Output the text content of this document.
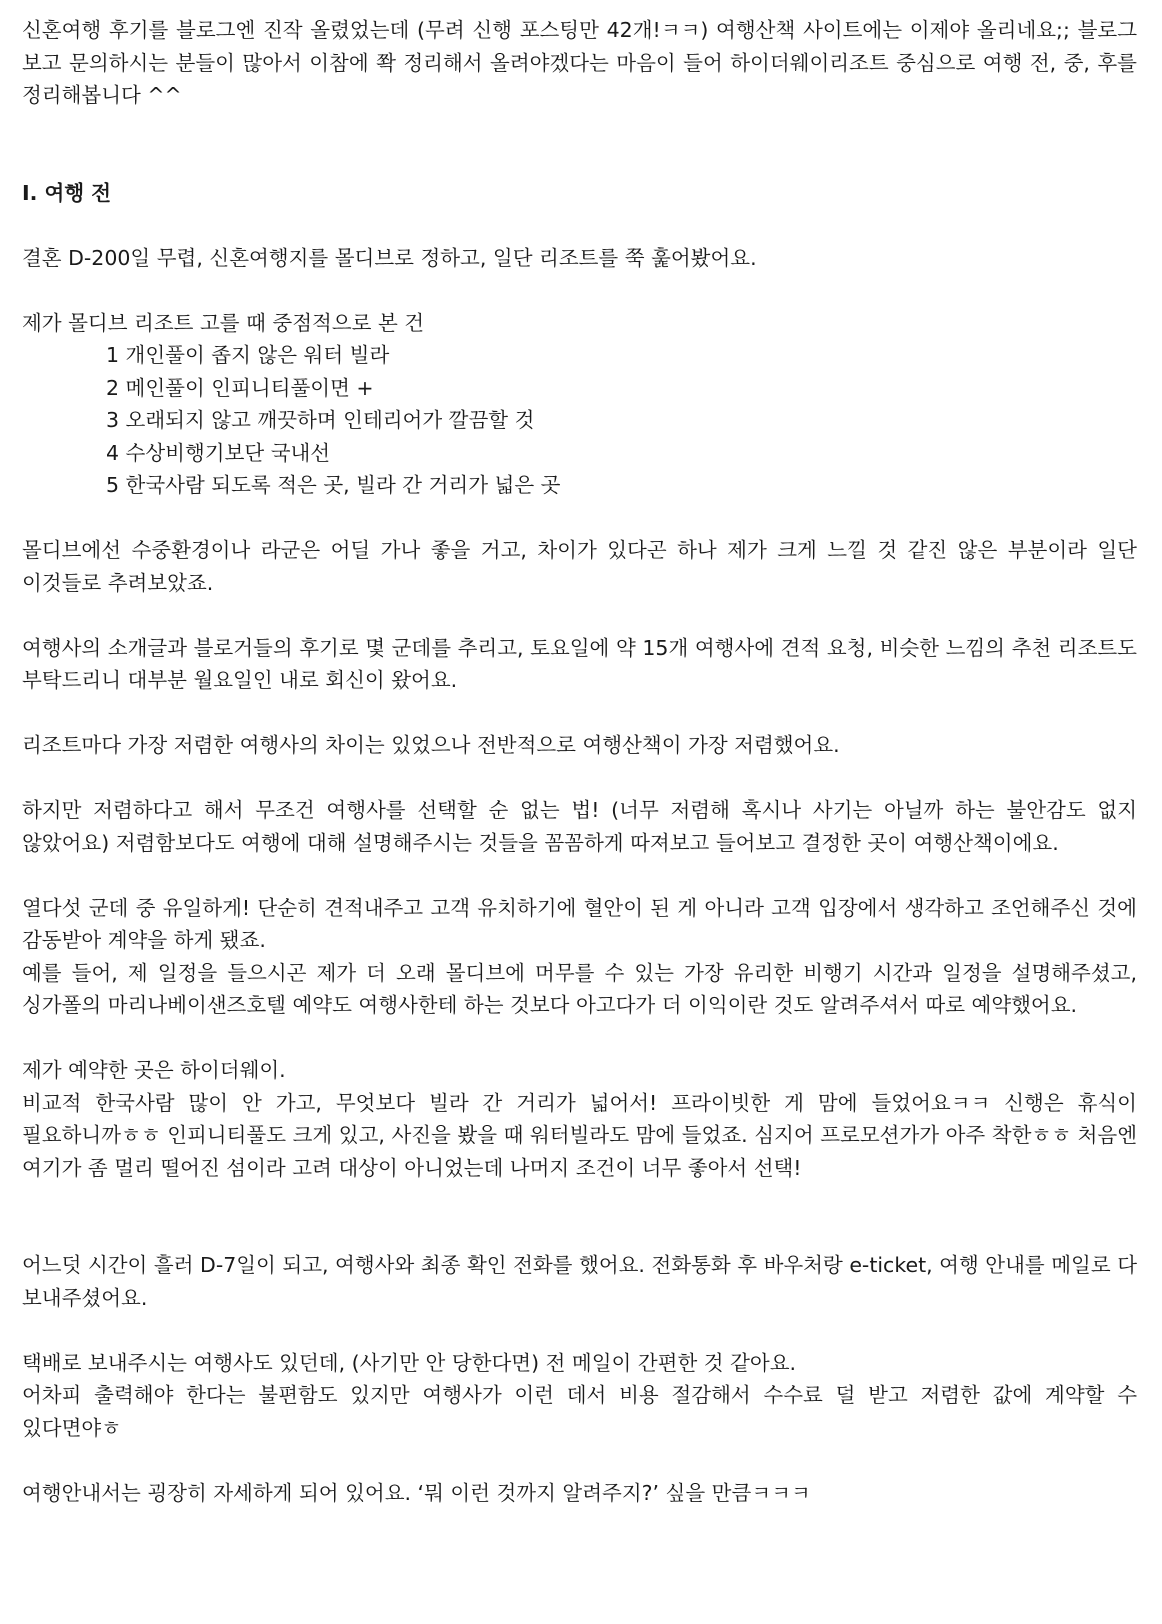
신혼여행 후기를 블로그엔 진작 올렸었는데 (무려 신행 포스팅만 42개!ㅋㅋ) 여행산책 사이트에는 이제야 올리네요;; 블로그 보고 문의하시는 분들이 많아서 이참에 쫙 정리해서 올려야겠다는 마음이 들어 하이더웨이리조트 중심으로 여행 전, 중, 후를 정리해봅니다 ^^

Ⅰ. 여행 전

결혼 D-200일 무렵, 신혼여행지를 몰디브로 정하고, 일단 리조트를 쭉 훑어봤어요.

제가 몰디브 리조트 고를 때 중점적으로 본 건

1 개인풀이 좁지 않은 워터 빌라

2 메인풀이 인피니티풀이면 +

3 오래되지 않고 깨끗하며 인테리어가 깔끔할 것

4 수상비행기보단 국내선

5 한국사람 되도록 적은 곳, 빌라 간 거리가 넓은 곳

몰디브에선 수중환경이나 라군은 어딜 가나 좋을 거고, 차이가 있다곤 하나 제가 크게 느낄 것 같진 않은 부분이라 일단 이것들로 추려보았죠.

여행사의 소개글과 블로거들의 후기로 몇 군데를 추리고, 토요일에 약 15개 여행사에 견적 요청, 비슷한 느낌의 추천 리조트도 부탁드리니 대부분 월요일인 내로 회신이 왔어요.

리조트마다 가장 저렴한 여행사의 차이는 있었으나 전반적으로 여행산책이 가장 저렴했어요.

하지만 저렴하다고 해서 무조건 여행사를 선택할 순 없는 법! (너무 저렴해 혹시나 사기는 아닐까 하는 불안감도 없지 않았어요) 저렴함보다도 여행에 대해 설명해주시는 것들을 꼼꼼하게 따져보고 들어보고 결정한 곳이 여행산책이에요.

열다섯 군데 중 유일하게! 단순히 견적내주고 고객 유치하기에 혈안이 된 게 아니라 고객 입장에서 생각하고 조언해주신 것에 감동받아 계약을 하게 됐죠.

예를 들어, 제 일정을 들으시곤 제가 더 오래 몰디브에 머무를 수 있는 가장 유리한 비행기 시간과 일정을 설명해주셨고, 싱가폴의 마리나베이샌즈호텔 예약도 여행사한테 하는 것보다 아고다가 더 이익이란 것도 알려주셔서 따로 예약했어요.

제가 예약한 곳은 하이더웨이.

비교적 한국사람 많이 안 가고, 무엇보다 빌라 간 거리가 넓어서! 프라이빗한 게 맘에 들었어요ㅋㅋ 신행은 휴식이 필요하니까ㅎㅎ 인피니티풀도 크게 있고, 사진을 봤을 때 워터빌라도 맘에 들었죠. 심지어 프로모션가가 아주 착한ㅎㅎ 처음엔 여기가 좀 멀리 떨어진 섬이라 고려 대상이 아니었는데 나머지 조건이 너무 좋아서 선택!

어느덧 시간이 흘러 D-7일이 되고, 여행사와 최종 확인 전화를 했어요. 전화통화 후 바우처랑 e-ticket, 여행 안내를 메일로 다 보내주셨어요.

택배로 보내주시는 여행사도 있던데, (사기만 안 당한다면) 전 메일이 간편한 것 같아요.

어차피 출력해야 한다는 불편함도 있지만 여행사가 이런 데서 비용 절감해서 수수료 덜 받고 저렴한 값에 계약할 수 있다면야ㅎ

여행안내서는 굉장히 자세하게 되어 있어요. ‘뭐 이런 것까지 알려주지?’ 싶을 만큼ㅋㅋㅋ
